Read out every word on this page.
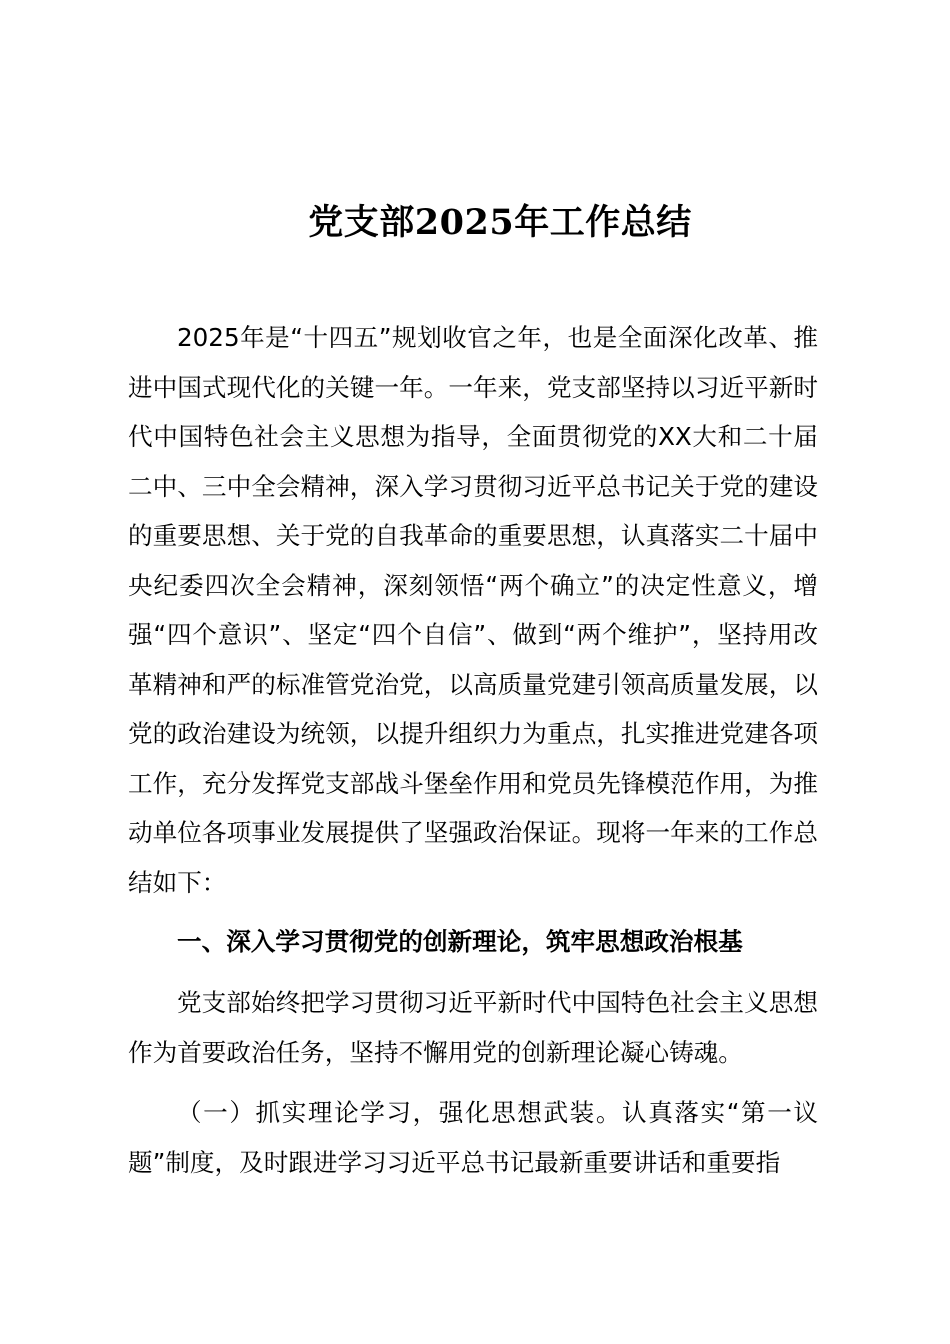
党支部2025年工作总结

2025年是“十四五”规划收官之年，也是全面深化改革、推进中国式现代化的关键一年。一年来，党支部坚持以习近平新时代中国特色社会主义思想为指导，全面贯彻党的XX大和二十届二中、三中全会精神，深入学习贯彻习近平总书记关于党的建设的重要思想、关于党的自我革命的重要思想，认真落实二十届中央纪委四次全会精神，深刻领悟“两个确立”的决定性意义，增强“四个意识”、坚定“四个自信”、做到“两个维护”，坚持用改革精神和严的标准管党治党，以高质量党建引领高质量发展，以党的政治建设为统领，以提升组织力为重点，扎实推进党建各项工作，充分发挥党支部战斗堡垒作用和党员先锋模范作用，为推动单位各项事业发展提供了坚强政治保证。现将一年来的工作总结如下：

一、深入学习贯彻党的创新理论，筑牢思想政治根基

党支部始终把学习贯彻习近平新时代中国特色社会主义思想作为首要政治任务，坚持不懈用党的创新理论凝心铸魂。

（一）抓实理论学习，强化思想武装。认真落实“第一议题”制度，及时跟进学习习近平总书记最新重要讲话和重要指
